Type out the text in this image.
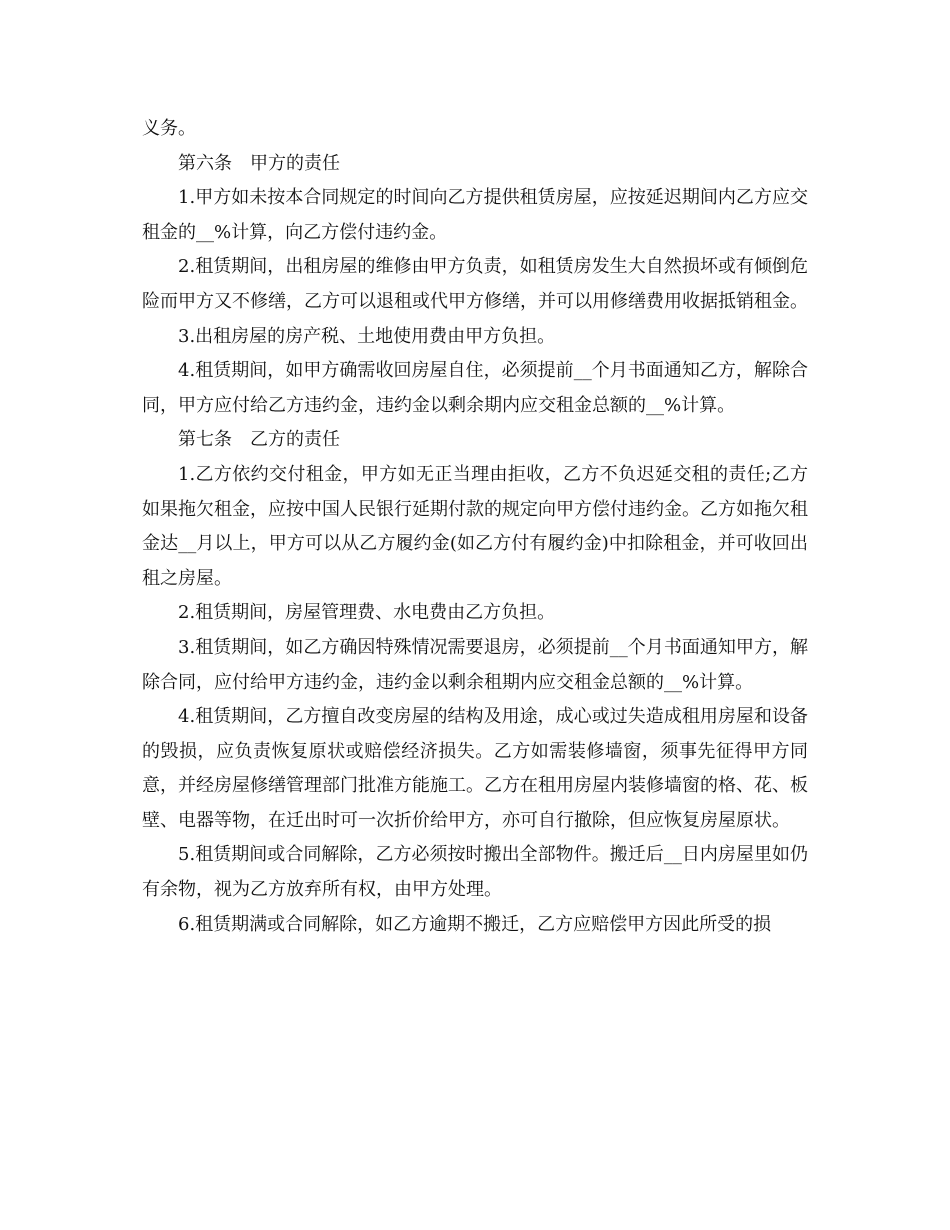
义务。

第六条　甲方的责任

1.甲方如未按本合同规定的时间向乙方提供租赁房屋，应按延迟期间内乙方应交租金的__%计算，向乙方偿付违约金。

2.租赁期间，出租房屋的维修由甲方负责，如租赁房发生大自然损坏或有倾倒危险而甲方又不修缮，乙方可以退租或代甲方修缮，并可以用修缮费用收据抵销租金。

3.出租房屋的房产税、土地使用费由甲方负担。

4.租赁期间，如甲方确需收回房屋自住，必须提前__个月书面通知乙方，解除合同，甲方应付给乙方违约金，违约金以剩余期内应交租金总额的__%计算。

第七条　乙方的责任

1.乙方依约交付租金，甲方如无正当理由拒收，乙方不负迟延交租的责任;乙方如果拖欠租金，应按中国人民银行延期付款的规定向甲方偿付违约金。乙方如拖欠租金达__月以上，甲方可以从乙方履约金(如乙方付有履约金)中扣除租金，并可收回出租之房屋。

2.租赁期间，房屋管理费、水电费由乙方负担。

3.租赁期间，如乙方确因特殊情况需要退房，必须提前__个月书面通知甲方，解除合同，应付给甲方违约金，违约金以剩余租期内应交租金总额的__%计算。

4.租赁期间，乙方擅自改变房屋的结构及用途，成心或过失造成租用房屋和设备的毁损，应负责恢复原状或赔偿经济损失。乙方如需装修墙窗，须事先征得甲方同意，并经房屋修缮管理部门批准方能施工。乙方在租用房屋内装修墙窗的格、花、板壁、电器等物，在迁出时可一次折价给甲方，亦可自行撤除，但应恢复房屋原状。

5.租赁期间或合同解除，乙方必须按时搬出全部物件。搬迁后__日内房屋里如仍有余物，视为乙方放弃所有权，由甲方处理。

6.租赁期满或合同解除，如乙方逾期不搬迁，乙方应赔偿甲方因此所受的损
